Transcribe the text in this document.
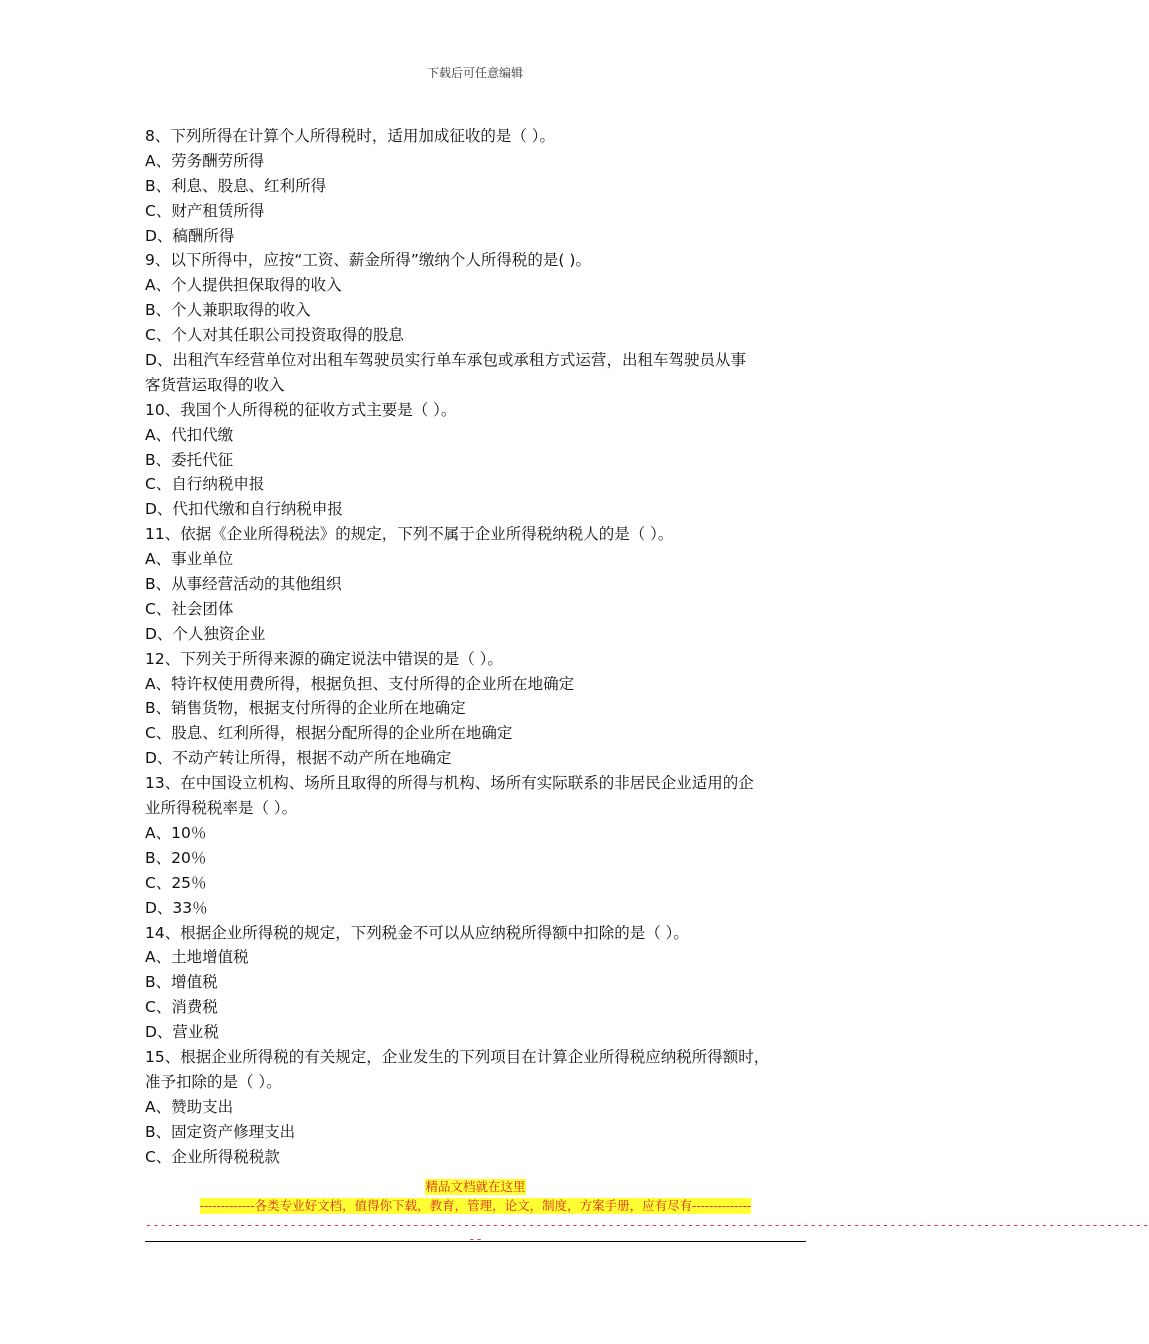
下载后可任意编辑
8、下列所得在计算个人所得税时，适用加成征收的是（ ）。
A、劳务酬劳所得
B、利息、股息、红利所得
C、财产租赁所得
D、稿酬所得
9、以下所得中，应按“工资、薪金所得”缴纳个人所得税的是( )。
A、个人提供担保取得的收入
B、个人兼职取得的收入
C、个人对其任职公司投资取得的股息
D、出租汽车经营单位对出租车驾驶员实行单车承包或承租方式运营，出租车驾驶员从事
客货营运取得的收入
10、我国个人所得税的征收方式主要是（ ）。
A、代扣代缴
B、委托代征
C、自行纳税申报
D、代扣代缴和自行纳税申报
11、依据《企业所得税法》的规定，下列不属于企业所得税纳税人的是（ ）。
A、事业单位
B、从事经营活动的其他组织
C、社会团体
D、个人独资企业
12、下列关于所得来源的确定说法中错误的是（ ）。
A、特许权使用费所得，根据负担、支付所得的企业所在地确定
B、销售货物，根据支付所得的企业所在地确定
C、股息、红利所得，根据分配所得的企业所在地确定
D、不动产转让所得，根据不动产所在地确定
13、在中国设立机构、场所且取得的所得与机构、场所有实际联系的非居民企业适用的企
业所得税税率是（ ）。
A、10％
B、20％
C、25％
D、33％
14、根据企业所得税的规定，下列税金不可以从应纳税所得额中扣除的是（ ）。
A、土地增值税
B、增值税
C、消费税
D、营业税
15、根据企业所得税的有关规定，企业发生的下列项目在计算企业所得税应纳税所得额时，
准予扣除的是（ ）。
A、赞助支出
B、固定资产修理支出
C、企业所得税税款
精品文档就在这里
-------------各类专业好文档，值得你下载，教育，管理，论文，制度，方案手册，应有尽有--------------
-------------------------------------------------------------------------------------------------------------------------------------------
--
